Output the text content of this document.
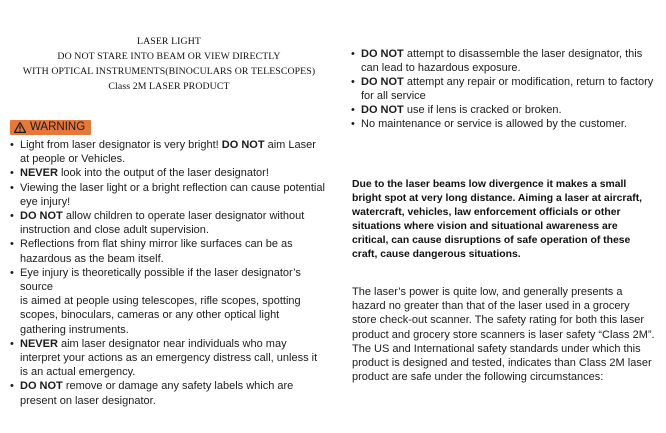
LASER LIGHT
DO NOT STARE INTO BEAM OR VIEW DIRECTLY
WITH OPTICAL INSTRUMENTS(BINOCULARS OR TELESCOPES)
Class 2M LASER PRODUCT
WARNING
• Light from laser designator is very bright! DO NOT aim Laser at people or Vehicles.
• NEVER look into the output of the laser designator!
• Viewing the laser light or a bright reflection can cause potential eye injury!
• DO NOT allow children to operate laser designator without instruction and close adult supervision.
• Reflections from flat shiny mirror like surfaces can be as hazardous as the beam itself.
• Eye injury is theoretically possible if the laser designator’s source
is aimed at people using telescopes, rifle scopes, spotting scopes, binoculars, cameras or any other optical light gathering instruments.
• NEVER aim laser designator near individuals who may interpret your actions as an emergency distress call, unless it is an actual emergency.
• DO NOT remove or damage any safety labels which are present on laser designator.
• DO NOT attempt to disassemble the laser designator, this can lead to hazardous exposure.
• DO NOT attempt any repair or modification, return to factory for all service
• DO NOT use if lens is cracked or broken.
• No maintenance or service is allowed by the customer.
Due to the laser beams low divergence it makes a small bright spot at very long distance. Aiming a laser at aircraft, watercraft, vehicles, law enforcement officials or other situations where vision and situational awareness are critical, can cause disruptions of safe operation of these craft, cause dangerous situations.
The laser’s power is quite low, and generally presents a hazard no greater than that of the laser used in a grocery store check-out scanner. The safety rating for both this laser product and grocery store scanners is laser safety “Class 2M”. The US and International safety standards under which this product is designed and tested, indicates than Class 2M laser product are safe under the following circumstances:
